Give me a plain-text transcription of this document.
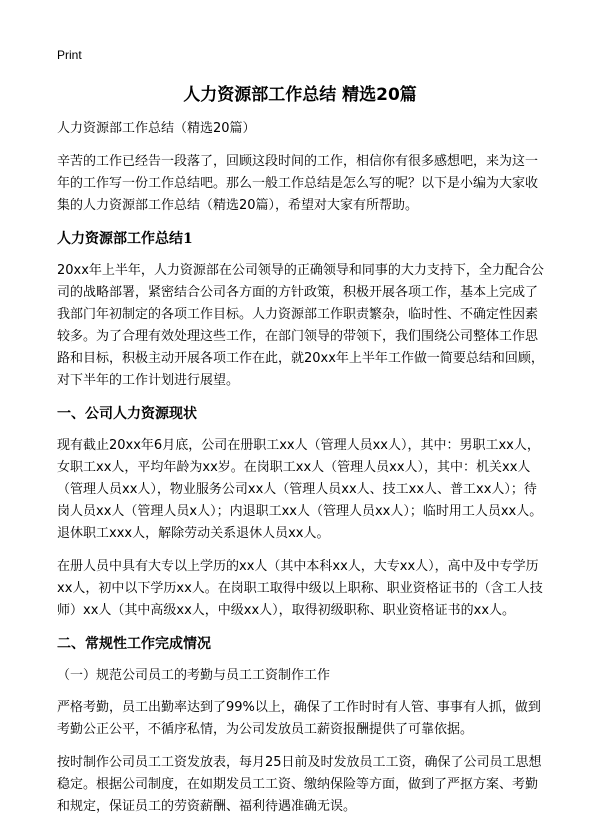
Print
人力资源部工作总结 精选20篇

人力资源部工作总结（精选20篇）

辛苦的工作已经告一段落了，回顾这段时间的工作，相信你有很多感想吧，来为这一年的工作写一份工作总结吧。那么一般工作总结是怎么写的呢？以下是小编为大家收集的人力资源部工作总结（精选20篇），希望对大家有所帮助。

人力资源部工作总结1

20xx年上半年，人力资源部在公司领导的正确领导和同事的大力支持下，全力配合公司的战略部署，紧密结合公司各方面的方针政策，积极开展各项工作，基本上完成了我部门年初制定的各项工作目标。人力资源部工作职责繁杂，临时性、不确定性因素较多。为了合理有效处理这些工作，在部门领导的带领下，我们围绕公司整体工作思路和目标，积极主动开展各项工作在此，就20xx年上半年工作做一简要总结和回顾，对下半年的工作计划进行展望。

一、公司人力资源现状

现有截止20xx年6月底，公司在册职工xx人（管理人员xx人），其中：男职工xx人，女职工xx人，平均年龄为xx岁。在岗职工xx人（管理人员xx人），其中：机关xx人（管理人员xx人），物业服务公司xx人（管理人员xx人、技工xx人、普工xx人）；待岗人员xx人（管理人员x人）；内退职工xx人（管理人员xx人）；临时用工人员xx人。退休职工xxx人，解除劳动关系退休人员xx人。

在册人员中具有大专以上学历的xx人（其中本科xx人，大专xx人），高中及中专学历xx人，初中以下学历xx人。在岗职工取得中级以上职称、职业资格证书的（含工人技师）xx人（其中高级xx人，中级xx人），取得初级职称、职业资格证书的xx人。

二、常规性工作完成情况

（一）规范公司员工的考勤与员工工资制作工作

严格考勤，员工出勤率达到了99%以上，确保了工作时时有人管、事事有人抓，做到考勤公正公平，不循序私情，为公司发放员工薪资报酬提供了可靠依据。

按时制作公司员工工资发放表，每月25日前及时发放员工工资，确保了公司员工思想稳定。根据公司制度，在如期发员工工资、缴纳保险等方面，做到了严抠方案、考勤和规定，保证员工的劳资薪酬、福利待遇准确无误。
